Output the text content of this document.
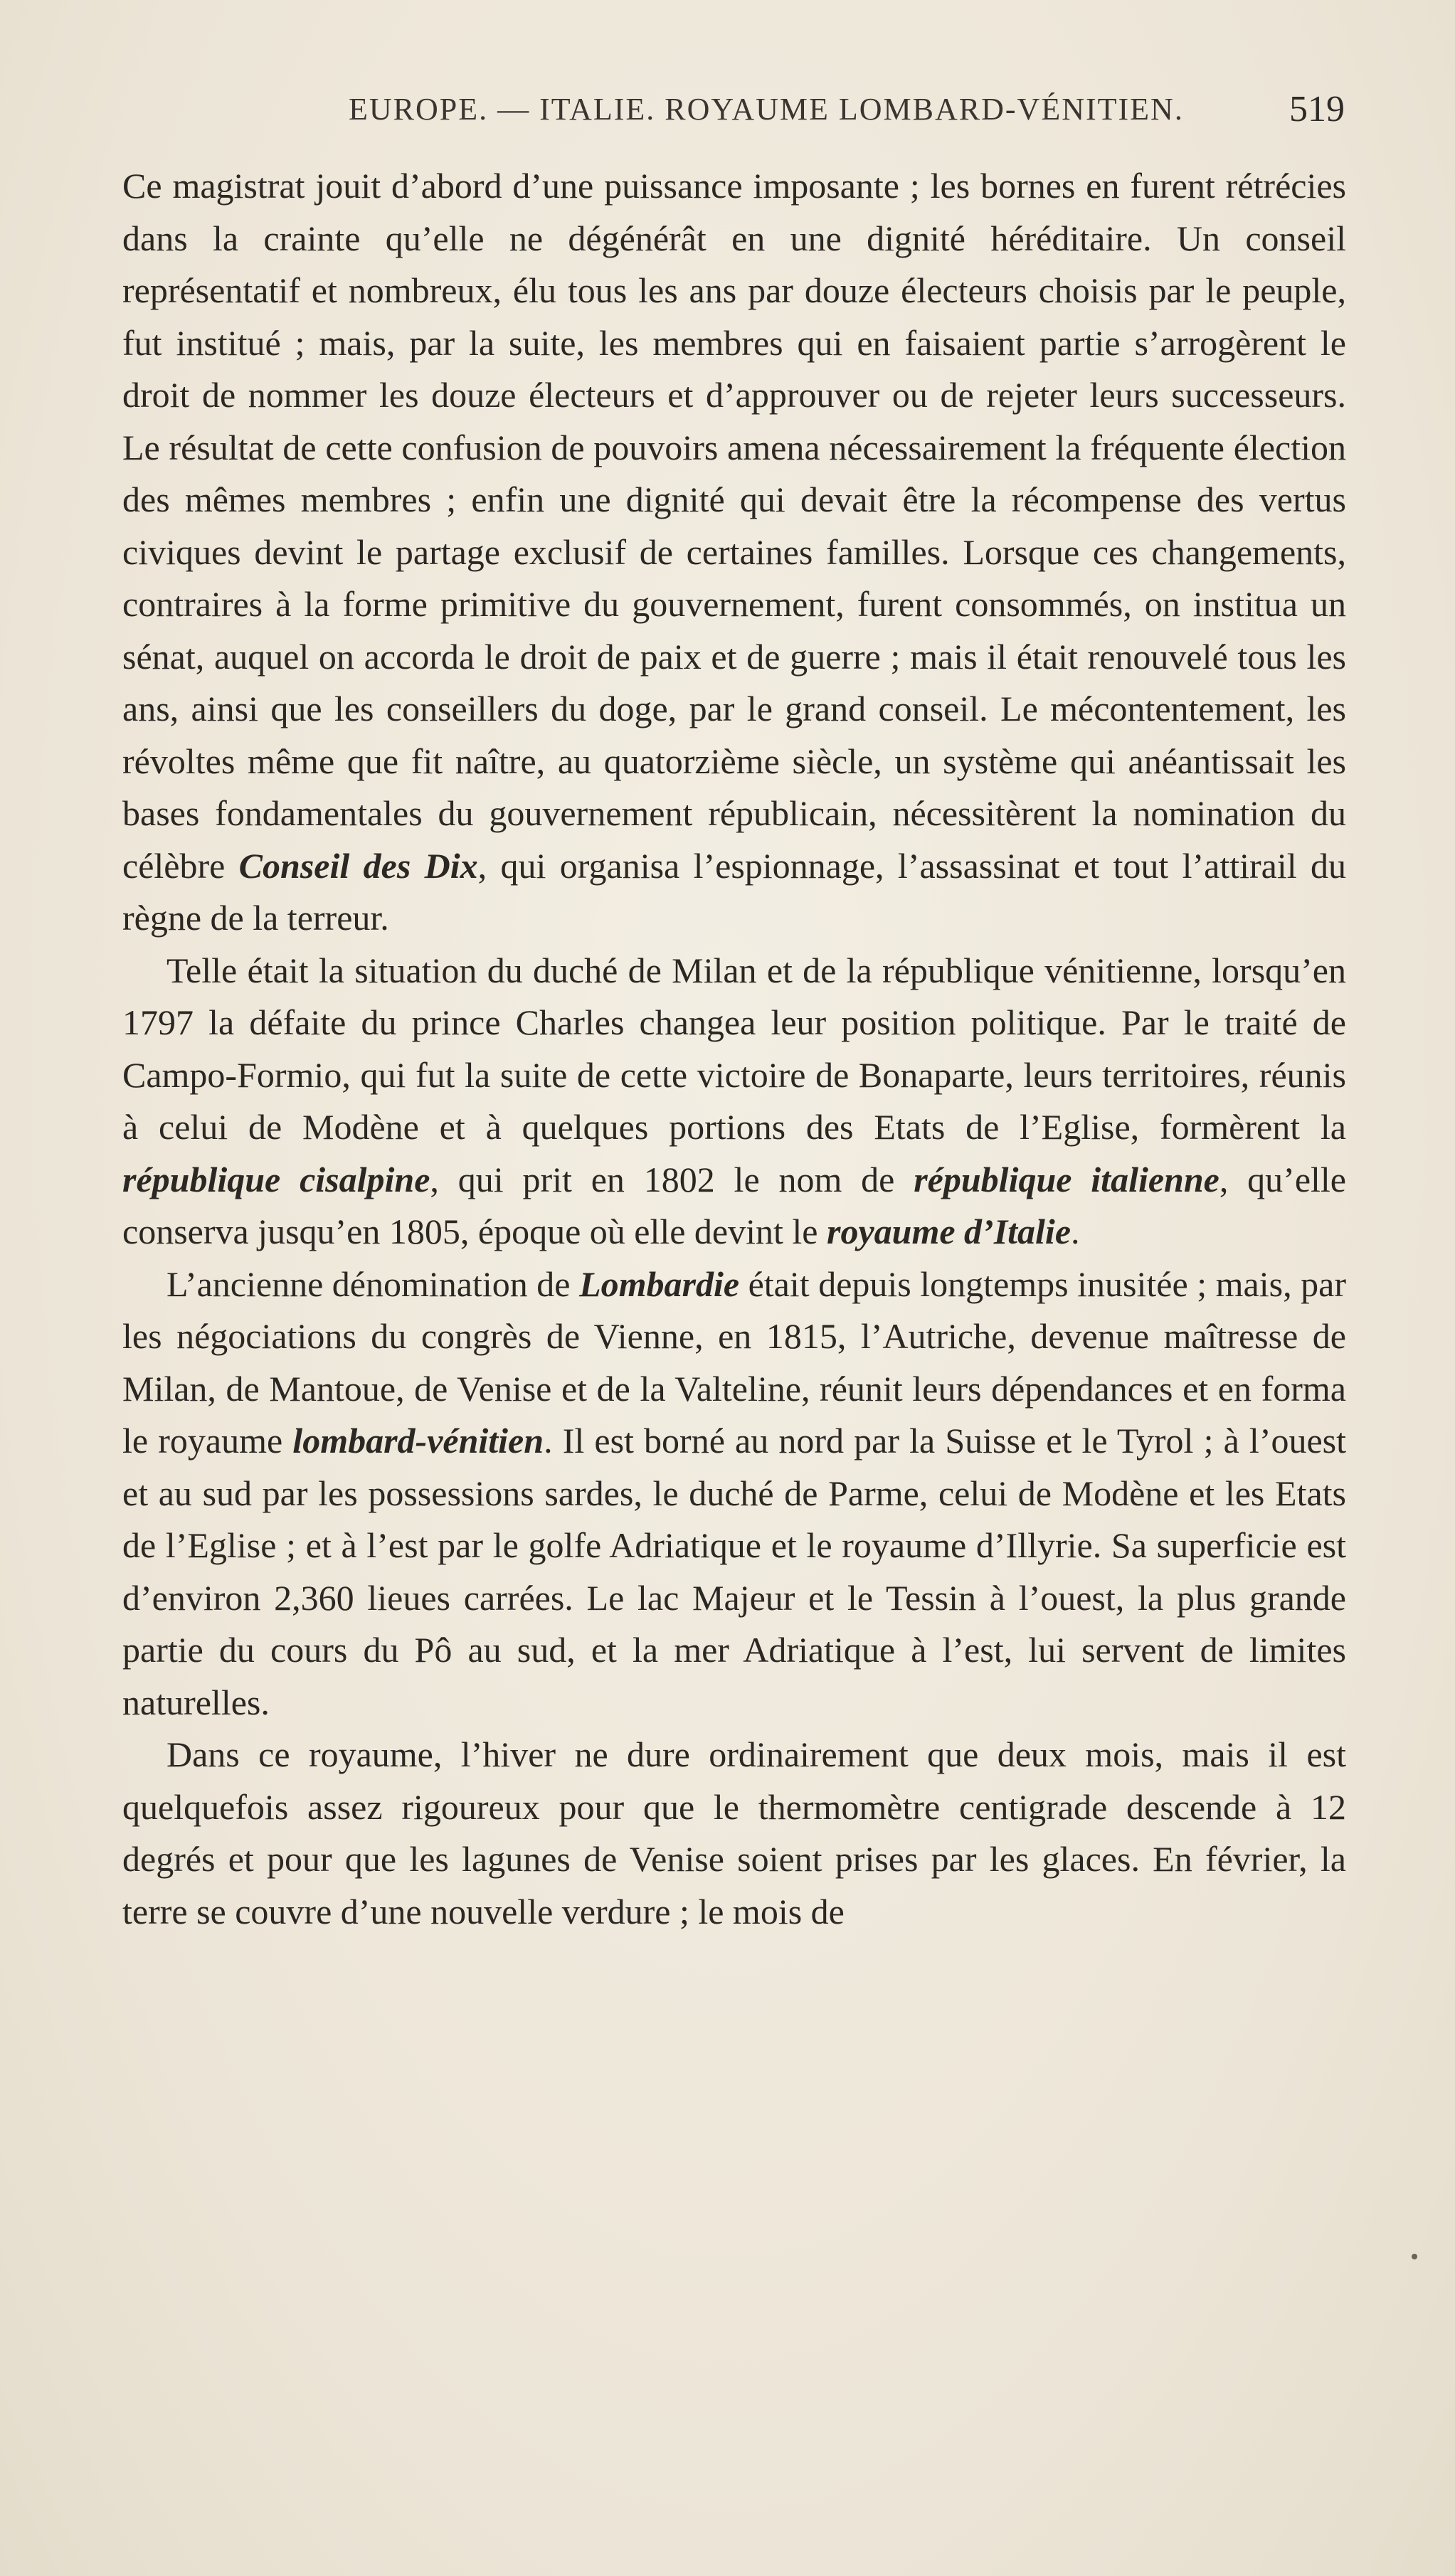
EUROPE. — ITALIE. ROYAUME LOMBARD-VÉNITIEN.	519

Ce magistrat jouit d’abord d’une puissance imposante ; les bornes en furent rétrécies dans la crainte qu’elle ne dégénérât en une dignité héréditaire. Un conseil représentatif et nombreux, élu tous les ans par douze électeurs choisis par le peuple, fut institué ; mais, par la suite, les membres qui en faisaient partie s’arrogèrent le droit de nommer les douze électeurs et d’approuver ou de rejeter leurs successeurs. Le résultat de cette confusion de pouvoirs amena nécessairement la fréquente élection des mêmes membres ; enfin une dignité qui devait être la récompense des vertus civiques devint le partage exclusif de certaines familles. Lorsque ces changements, contraires à la forme primitive du gouvernement, furent consommés, on institua un sénat, auquel on accorda le droit de paix et de guerre ; mais il était renouvelé tous les ans, ainsi que les conseillers du doge, par le grand conseil. Le mécontentement, les révoltes même que fit naître, au quatorzième siècle, un système qui anéantissait les bases fondamentales du gouvernement républicain, nécessitèrent la nomination du célèbre Conseil des Dix, qui organisa l’espionnage, l’assassinat et tout l’attirail du règne de la terreur.

Telle était la situation du duché de Milan et de la république vénitienne, lorsqu’en 1797 la défaite du prince Charles changea leur position politique. Par le traité de Campo-Formio, qui fut la suite de cette victoire de Bonaparte, leurs territoires, réunis à celui de Modène et à quelques portions des Etats de l’Eglise, formèrent la république cisalpine, qui prit en 1802 le nom de république italienne, qu’elle conserva jusqu’en 1805, époque où elle devint le royaume d’Italie.

L’ancienne dénomination de Lombardie était depuis longtemps inusitée ; mais, par les négociations du congrès de Vienne, en 1815, l’Autriche, devenue maîtresse de Milan, de Mantoue, de Venise et de la Valteline, réunit leurs dépendances et en forma le royaume lombard-vénitien. Il est borné au nord par la Suisse et le Tyrol ; à l’ouest et au sud par les possessions sardes, le duché de Parme, celui de Modène et les Etats de l’Eglise ; et à l’est par le golfe Adriatique et le royaume d’Illyrie. Sa superficie est d’environ 2,360 lieues carrées. Le lac Majeur et le Tessin à l’ouest, la plus grande partie du cours du Pô au sud, et la mer Adriatique à l’est, lui servent de limites naturelles.

Dans ce royaume, l’hiver ne dure ordinairement que deux mois, mais il est quelquefois assez rigoureux pour que le thermomètre centigrade descende à 12 degrés et pour que les lagunes de Venise soient prises par les glaces. En février, la terre se couvre d’une nouvelle verdure ; le mois de
